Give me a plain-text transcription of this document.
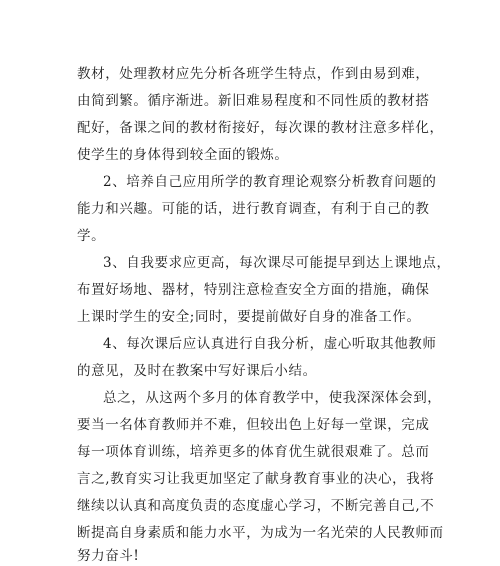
教材，处理教材应先分析各班学生特点，作到由易到难，
由简到繁。循序渐进。新旧难易程度和不同性质的教材搭
配好，备课之间的教材衔接好，每次课的教材注意多样化，
使学生的身体得到较全面的锻炼。
2、培养自己应用所学的教育理论观察分析教育问题的
能力和兴趣。可能的话，进行教育调查，有利于自己的教
学。
3、自我要求应更高，每次课尽可能提早到达上课地点，
布置好场地、器材，特别注意检查安全方面的措施，确保
上课时学生的安全;同时，要提前做好自身的准备工作。
4、每次课后应认真进行自我分析，虚心听取其他教师
的意见，及时在教案中写好课后小结。
总之，从这两个多月的体育教学中，使我深深体会到，
要当一名体育教师并不难，但较出色上好每一堂课，完成
每一项体育训练，培养更多的体育优生就很艰难了。总而
言之,教育实习让我更加坚定了献身教育事业的决心，我将
继续以认真和高度负责的态度虚心学习，不断完善自己,不
断提高自身素质和能力水平，为成为一名光荣的人民教师而
努力奋斗!
